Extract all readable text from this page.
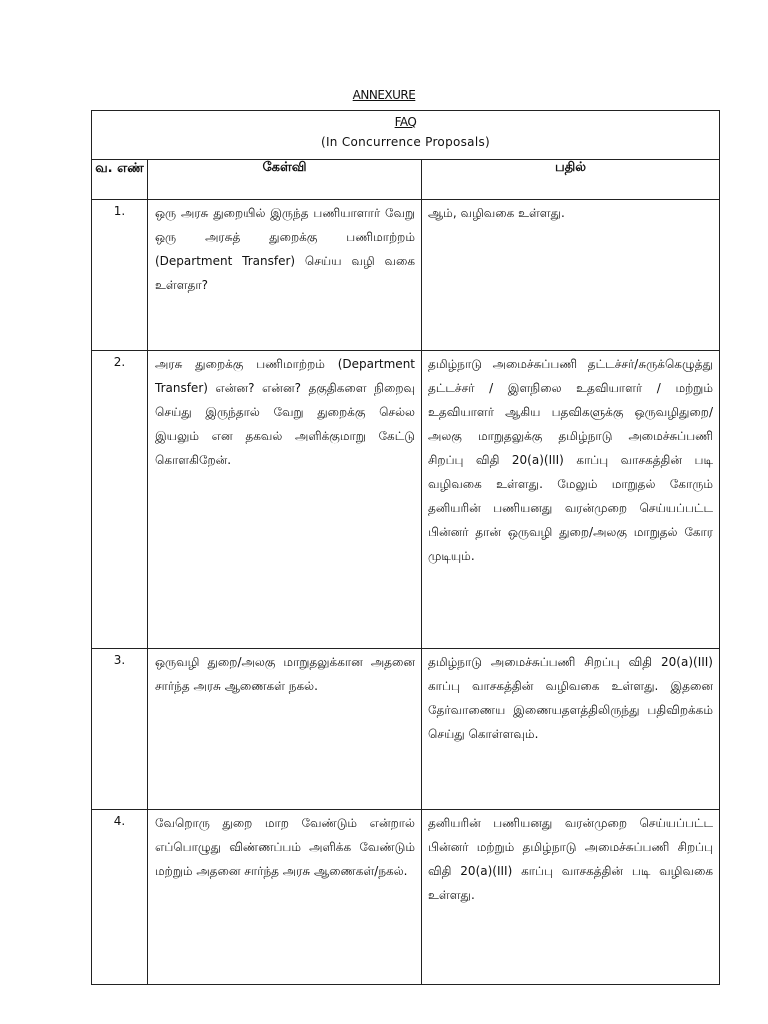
ANNEXURE
FAQ
(In Concurrence Proposals)		

வ. எண்	கேள்வி	பதில்
1.	ஒரு அரசு துறையில் இருந்த பணியாளார் வேறு ஒரு அரசுத் துறைக்கு பணிமாற்றம் (Department Transfer) செய்ய வழி வகை உள்ளதா?	ஆம், வழிவகை உள்ளது.

2.	அரசு துறைக்கு பணிமாற்றம் (Department Transfer) என்ன? என்ன? தகுதிகளை நிறைவு செய்து இருந்தால் வேறு துறைக்கு செல்ல இயலும் என தகவல் அளிக்குமாறு கேட்டு கொளகிறேன்.	தமிழ்நாடு அமைச்சுப்பணி தட்டச்சர்/சுருக்கெழுத்து தட்டச்சர் / இளநிலை உதவியாளர் / மற்றும் உதவியாளர் ஆகிய பதவிகளுக்கு ஒருவழிதுறை/அலகு மாறுதலுக்கு தமிழ்நாடு அமைச்சுப்பணி சிறப்பு விதி 20(a)(III) காப்பு வாசகத்தின் படி வழிவகை உள்ளது. மேலும் மாறுதல் கோரும் தனியரின் பணியனது வரன்முறை செய்யப்பட்ட பின்னர் தான் ஒருவழி துறை/அலகு மாறுதல் கோர முடியும்.

3.	ஒருவழி துறை/அலகு மாறுதலுக்கான அதனை சார்ந்த அரசு ஆணைகள் நகல்.	தமிழ்நாடு அமைச்சுப்பணி சிறப்பு விதி 20(a)(III) காப்பு வாசகத்தின் வழிவகை உள்ளது. இதனை தேர்வாணைய இணையதளத்திலிருந்து பதிவிறக்கம் செய்து கொள்ளவும்.

4.	வேறொரு துறை மாற வேண்டும் என்றால் எப்பொழுது விண்ணப்பம் அளிக்க வேண்டும் மற்றும் அதனை சார்ந்த அரசு ஆணைகள்/நகல்.	தனியரின் பணியனது வரன்முறை செய்யப்பட்ட பின்னர் மற்றும் தமிழ்நாடு அமைச்சுப்பணி சிறப்பு விதி 20(a)(III) காப்பு வாசகத்தின் படி வழிவகை உள்ளது.
